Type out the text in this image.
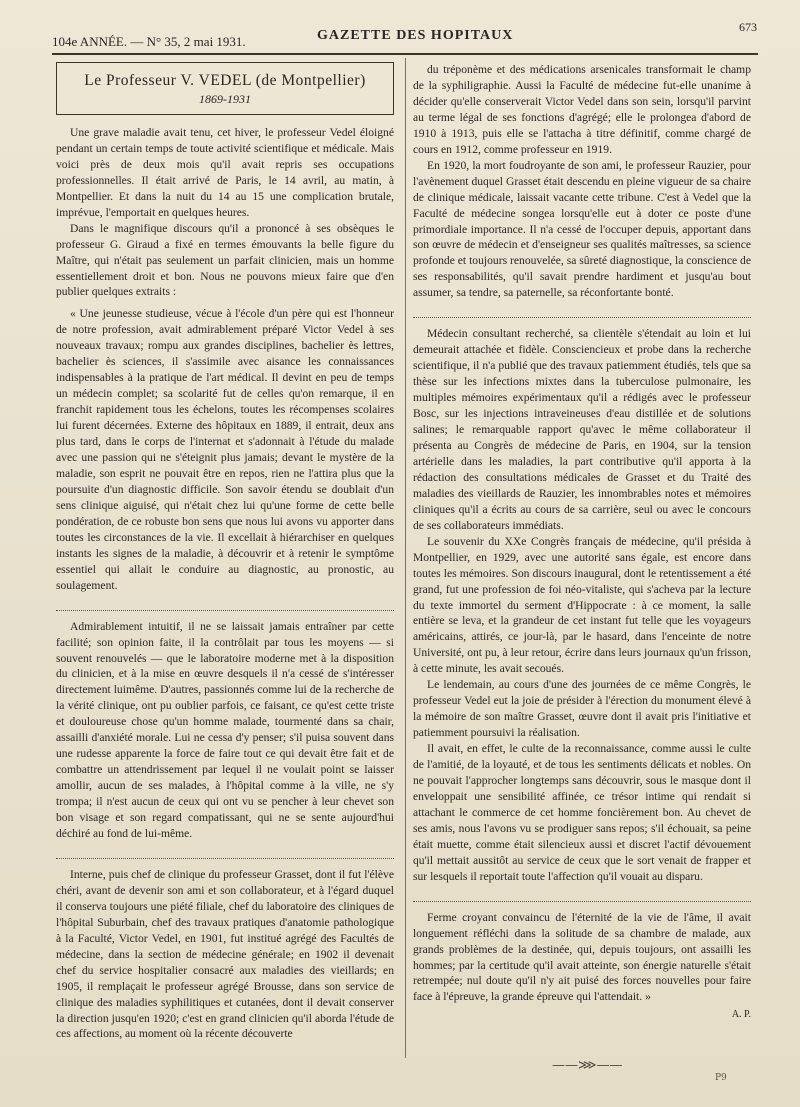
104e ANNÉE. — N° 35, 2 mai 1931.	GAZETTE DES HOPITAUX
673
Le Professeur V. VEDEL (de Montpellier)
1869-1931

Une grave maladie avait tenu, cet hiver, le professeur Vedel éloigné pendant un certain temps de toute activité scientifique et médicale. Mais voici près de deux mois qu'il avait repris ses occupations professionnelles. Il était arrivé de Paris, le 14 avril, au matin, à Montpellier. Et dans la nuit du 14 au 15 une complication brutale, imprévue, l'emportait en quelques heures.

Dans le magnifique discours qu'il a prononcé à ses obsèques le professeur G. Giraud a fixé en termes émouvants la belle figure du Maître, qui n'était pas seulement un parfait clinicien, mais un homme essentiellement droit et bon. Nous ne pouvons mieux faire que d'en publier quelques extraits :

« Une jeunesse studieuse, vécue à l'école d'un père qui est l'honneur de notre profession, avait admirablement préparé Victor Vedel à ses nouveaux travaux; rompu aux grandes disciplines, bachelier ès lettres, bachelier ès sciences, il s'assimile avec aisance les connaissances indispensables à la pratique de l'art médical. Il devint en peu de temps un médecin complet; sa scolarité fut de celles qu'on remarque, il en franchit rapidement tous les échelons, toutes les récompenses scolaires lui furent décernées. Externe des hôpitaux en 1889, il entrait, deux ans plus tard, dans le corps de l'internat et s'adonnait à l'étude du malade avec une passion qui ne s'éteignit plus jamais; devant le mystère de la maladie, son esprit ne pouvait être en repos, rien ne l'attira plus que la poursuite d'un diagnostic difficile. Son savoir étendu se doublait d'un sens clinique aiguisé, qui n'était chez lui qu'une forme de cette belle pondération, de ce robuste bon sens que nous lui avons vu apporter dans toutes les circonstances de la vie. Il excellait à hiérarchiser en quelques instants les signes de la maladie, à découvrir et à retenir le symptôme essentiel qui allait le conduire au diagnostic, au pronostic, au soulagement.

Admirablement intuitif, il ne se laissait jamais entraîner par cette facilité; son opinion faite, il la contrôlait par tous les moyens — si souvent renouvelés — que le laboratoire moderne met à la disposition du clinicien, et à la mise en œuvre desquels il n'a cessé de s'intéresser directement luimême. D'autres, passionnés comme lui de la recherche de la vérité clinique, ont pu oublier parfois, ce faisant, ce qu'est cette triste et douloureuse chose qu'un homme malade, tourmenté dans sa chair, assailli d'anxiété morale. Lui ne cessa d'y penser; s'il puisa souvent dans une rudesse apparente la force de faire tout ce qui devait être fait et de combattre un attendrissement par lequel il ne voulait point se laisser amollir, aucun de ses malades, à l'hôpital comme à la ville, ne s'y trompa; il n'est aucun de ceux qui ont vu se pencher à leur chevet son bon visage et son regard compatissant, qui ne se sente aujourd'hui déchiré au fond de lui-même.

Interne, puis chef de clinique du professeur Grasset, dont il fut l'élève chéri, avant de devenir son ami et son collaborateur, et à l'égard duquel il conserva toujours une piété filiale, chef du laboratoire des cliniques de l'hôpital Suburbain, chef des travaux pratiques d'anatomie pathologique à la Faculté, Victor Vedel, en 1901, fut institué agrégé des Facultés de médecine, dans la section de médecine générale; en 1902 il devenait chef du service hospitalier consacré aux maladies des vieillards; en 1905, il remplaçait le professeur agrégé Brousse, dans son service de clinique des maladies syphilitiques et cutanées, dont il devait conserver la direction jusqu'en 1920; c'est en grand clinicien qu'il aborda l'étude de ces affections, au moment où la récente découverte

du tréponème et des médications arsenicales transformait le champ de la syphiligraphie. Aussi la Faculté de médecine fut-elle unanime à décider qu'elle conserverait Victor Vedel dans son sein, lorsqu'il parvint au terme légal de ses fonctions d'agrégé; elle le prolongea d'abord de 1910 à 1913, puis elle se l'attacha à titre définitif, comme chargé de cours en 1912, comme professeur en 1919.

En 1920, la mort foudroyante de son ami, le professeur Rauzier, pour l'avènement duquel Grasset était descendu en pleine vigueur de sa chaire de clinique médicale, laissait vacante cette tribune. C'est à Vedel que la Faculté de médecine songea lorsqu'elle eut à doter ce poste d'une primordiale importance. Il n'a cessé de l'occuper depuis, apportant dans son œuvre de médecin et d'enseigneur ses qualités maîtresses, sa science profonde et toujours renouvelée, sa sûreté diagnostique, la conscience de ses responsabilités, qu'il savait prendre hardiment et jusqu'au bout assumer, sa tendre, sa paternelle, sa réconfortante bonté.

Médecin consultant recherché, sa clientèle s'étendait au loin et lui demeurait attachée et fidèle. Consciencieux et probe dans la recherche scientifique, il n'a publié que des travaux patiemment étudiés, tels que sa thèse sur les infections mixtes dans la tuberculose pulmonaire, les multiples mémoires expérimentaux qu'il a rédigés avec le professeur Bosc, sur les injections intraveineuses d'eau distillée et de solutions salines; le remarquable rapport qu'avec le même collaborateur il présenta au Congrès de médecine de Paris, en 1904, sur la tension artérielle dans les maladies, la part contributive qu'il apporta à la rédaction des consultations médicales de Grasset et du Traité des maladies des vieillards de Rauzier, les innombrables notes et mémoires cliniques qu'il a écrits au cours de sa carrière, seul ou avec le concours de ses collaborateurs immédiats.

Le souvenir du XXe Congrès français de médecine, qu'il présida à Montpellier, en 1929, avec une autorité sans égale, est encore dans toutes les mémoires. Son discours inaugural, dont le retentissement a été grand, fut une profession de foi néo-vitaliste, qui s'acheva par la lecture du texte immortel du serment d'Hippocrate : à ce moment, la salle entière se leva, et la grandeur de cet instant fut telle que les voyageurs américains, attirés, ce jour-là, par le hasard, dans l'enceinte de notre Université, ont pu, à leur retour, écrire dans leurs journaux qu'un frisson, à cette minute, les avait secoués.

Le lendemain, au cours d'une des journées de ce même Congrès, le professeur Vedel eut la joie de présider à l'érection du monument élevé à la mémoire de son maître Grasset, œuvre dont il avait pris l'initiative et patiemment poursuivi la réalisation.

Il avait, en effet, le culte de la reconnaissance, comme aussi le culte de l'amitié, de la loyauté, et de tous les sentiments délicats et nobles. On ne pouvait l'approcher longtemps sans découvrir, sous le masque dont il enveloppait une sensibilité affinée, ce trésor intime qui rendait si attachant le commerce de cet homme foncièrement bon. Au chevet de ses amis, nous l'avons vu se prodiguer sans repos; s'il échouait, sa peine était muette, comme était silencieux aussi et discret l'actif dévouement qu'il mettait aussitôt au service de ceux que le sort venait de frapper et sur lesquels il reportait toute l'affection qu'il vouait au disparu.

Ferme croyant convaincu de l'éternité de la vie de l'âme, il avait longuement réfléchi dans la solitude de sa chambre de malade, aux grands problèmes de la destinée, qui, depuis toujours, ont assailli les hommes; par la certitude qu'il avait atteinte, son énergie naturelle s'était retrempée; nul doute qu'il n'y ait puisé des forces nouvelles pour faire face à l'épreuve, la grande épreuve qui l'attendait. »

A. P.
——⋙——
P9
